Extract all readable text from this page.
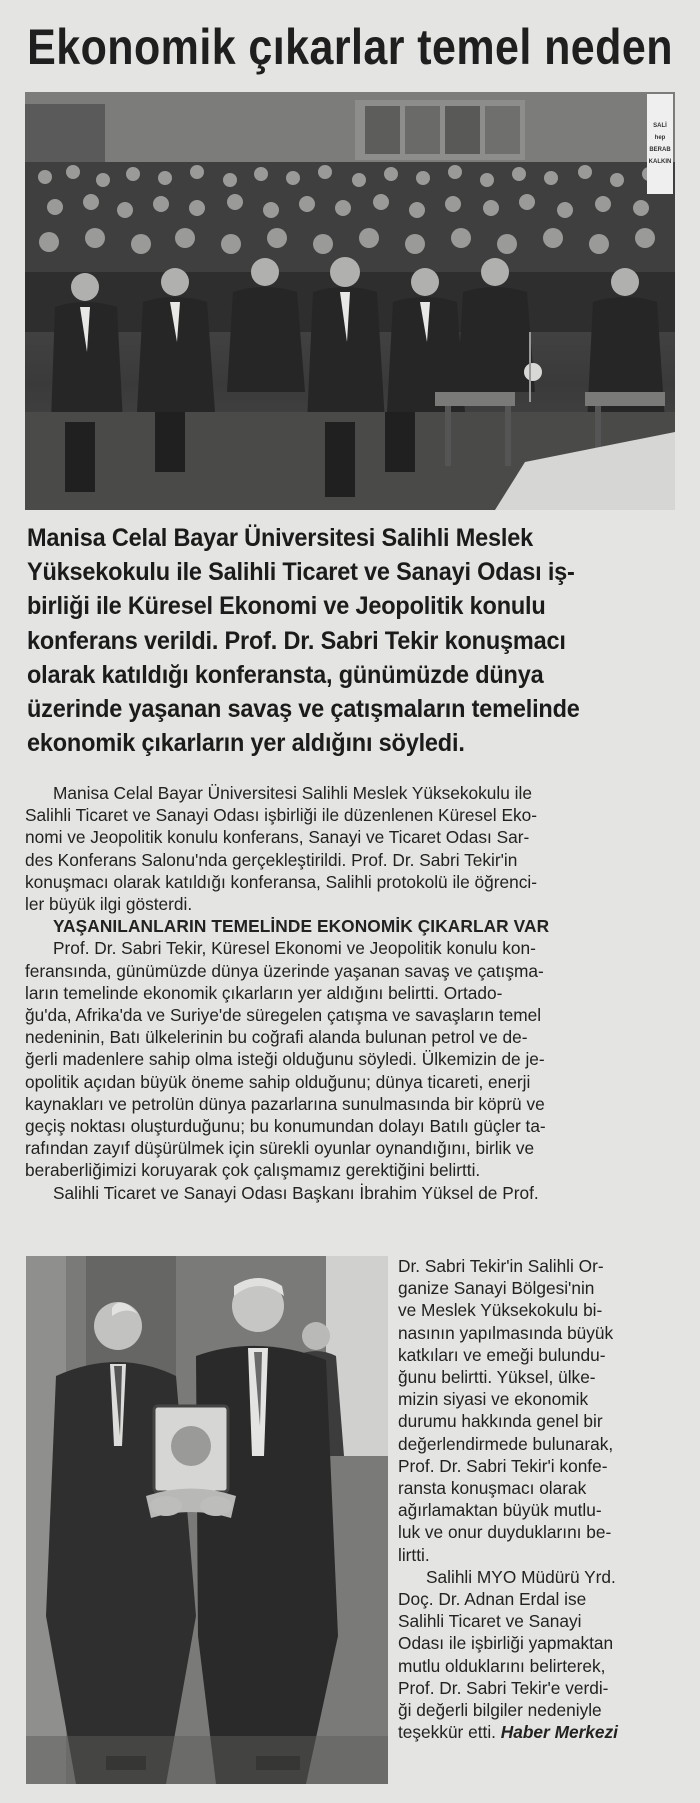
Ekonomik çıkarlar temel neden
SALİ
hep
BERAB
KALKIN
Manisa Celal Bayar Üniversitesi Salihli Meslek
Yüksekokulu ile Salihli Ticaret ve Sanayi Odası iş-
birliği ile Küresel Ekonomi ve Jeopolitik konulu
konferans verildi. Prof. Dr. Sabri Tekir konuşmacı
olarak katıldığı konferansta, günümüzde dünya
üzerinde yaşanan savaş ve çatışmaların temelinde
ekonomik çıkarların yer aldığını söyledi.
Manisa Celal Bayar Üniversitesi Salihli Meslek Yüksekokulu ile
Salihli Ticaret ve Sanayi Odası işbirliği ile düzenlenen Küresel Eko-
nomi ve Jeopolitik konulu konferans, Sanayi ve Ticaret Odası Sar-
des Konferans Salonu'nda gerçekleştirildi. Prof. Dr. Sabri Tekir'in
konuşmacı olarak katıldığı konferansa, Salihli protokolü ile öğrenci-
ler büyük ilgi gösterdi.
YAŞANILANLARIN TEMELİNDE EKONOMİK ÇIKARLAR VAR
Prof. Dr. Sabri Tekir, Küresel Ekonomi ve Jeopolitik konulu kon-
feransında, günümüzde dünya üzerinde yaşanan savaş ve çatışma-
ların temelinde ekonomik çıkarların yer aldığını belirtti. Ortado-
ğu'da, Afrika'da ve Suriye'de süregelen çatışma ve savaşların temel
nedeninin, Batı ülkelerinin bu coğrafi alanda bulunan petrol ve de-
ğerli madenlere sahip olma isteği olduğunu söyledi. Ülkemizin de je-
opolitik açıdan büyük öneme sahip olduğunu; dünya ticareti, enerji
kaynakları ve petrolün dünya pazarlarına sunulmasında bir köprü ve
geçiş noktası oluşturduğunu; bu konumundan dolayı Batılı güçler ta-
rafından zayıf düşürülmek için sürekli oyunlar oynandığını, birlik ve
beraberliğimizi koruyarak çok çalışmamız gerektiğini belirtti.
Salihli Ticaret ve Sanayi Odası Başkanı İbrahim Yüksel de Prof.
Dr. Sabri Tekir'in Salihli Or-
ganize Sanayi Bölgesi'nin
ve Meslek Yüksekokulu bi-
nasının yapılmasında büyük
katkıları ve emeği bulundu-
ğunu belirtti. Yüksel, ülke-
mizin siyasi ve ekonomik
durumu hakkında genel bir
değerlendirmede bulunarak,
Prof. Dr. Sabri Tekir'i konfe-
ransta konuşmacı olarak
ağırlamaktan büyük mutlu-
luk ve onur duyduklarını be-
lirtti.
Salihli MYO Müdürü Yrd.
Doç. Dr. Adnan Erdal ise
Salihli Ticaret ve Sanayi
Odası ile işbirliği yapmaktan
mutlu olduklarını belirterek,
Prof. Dr. Sabri Tekir'e verdi-
ği değerli bilgiler nedeniyle
teşekkür etti. Haber Merkezi
